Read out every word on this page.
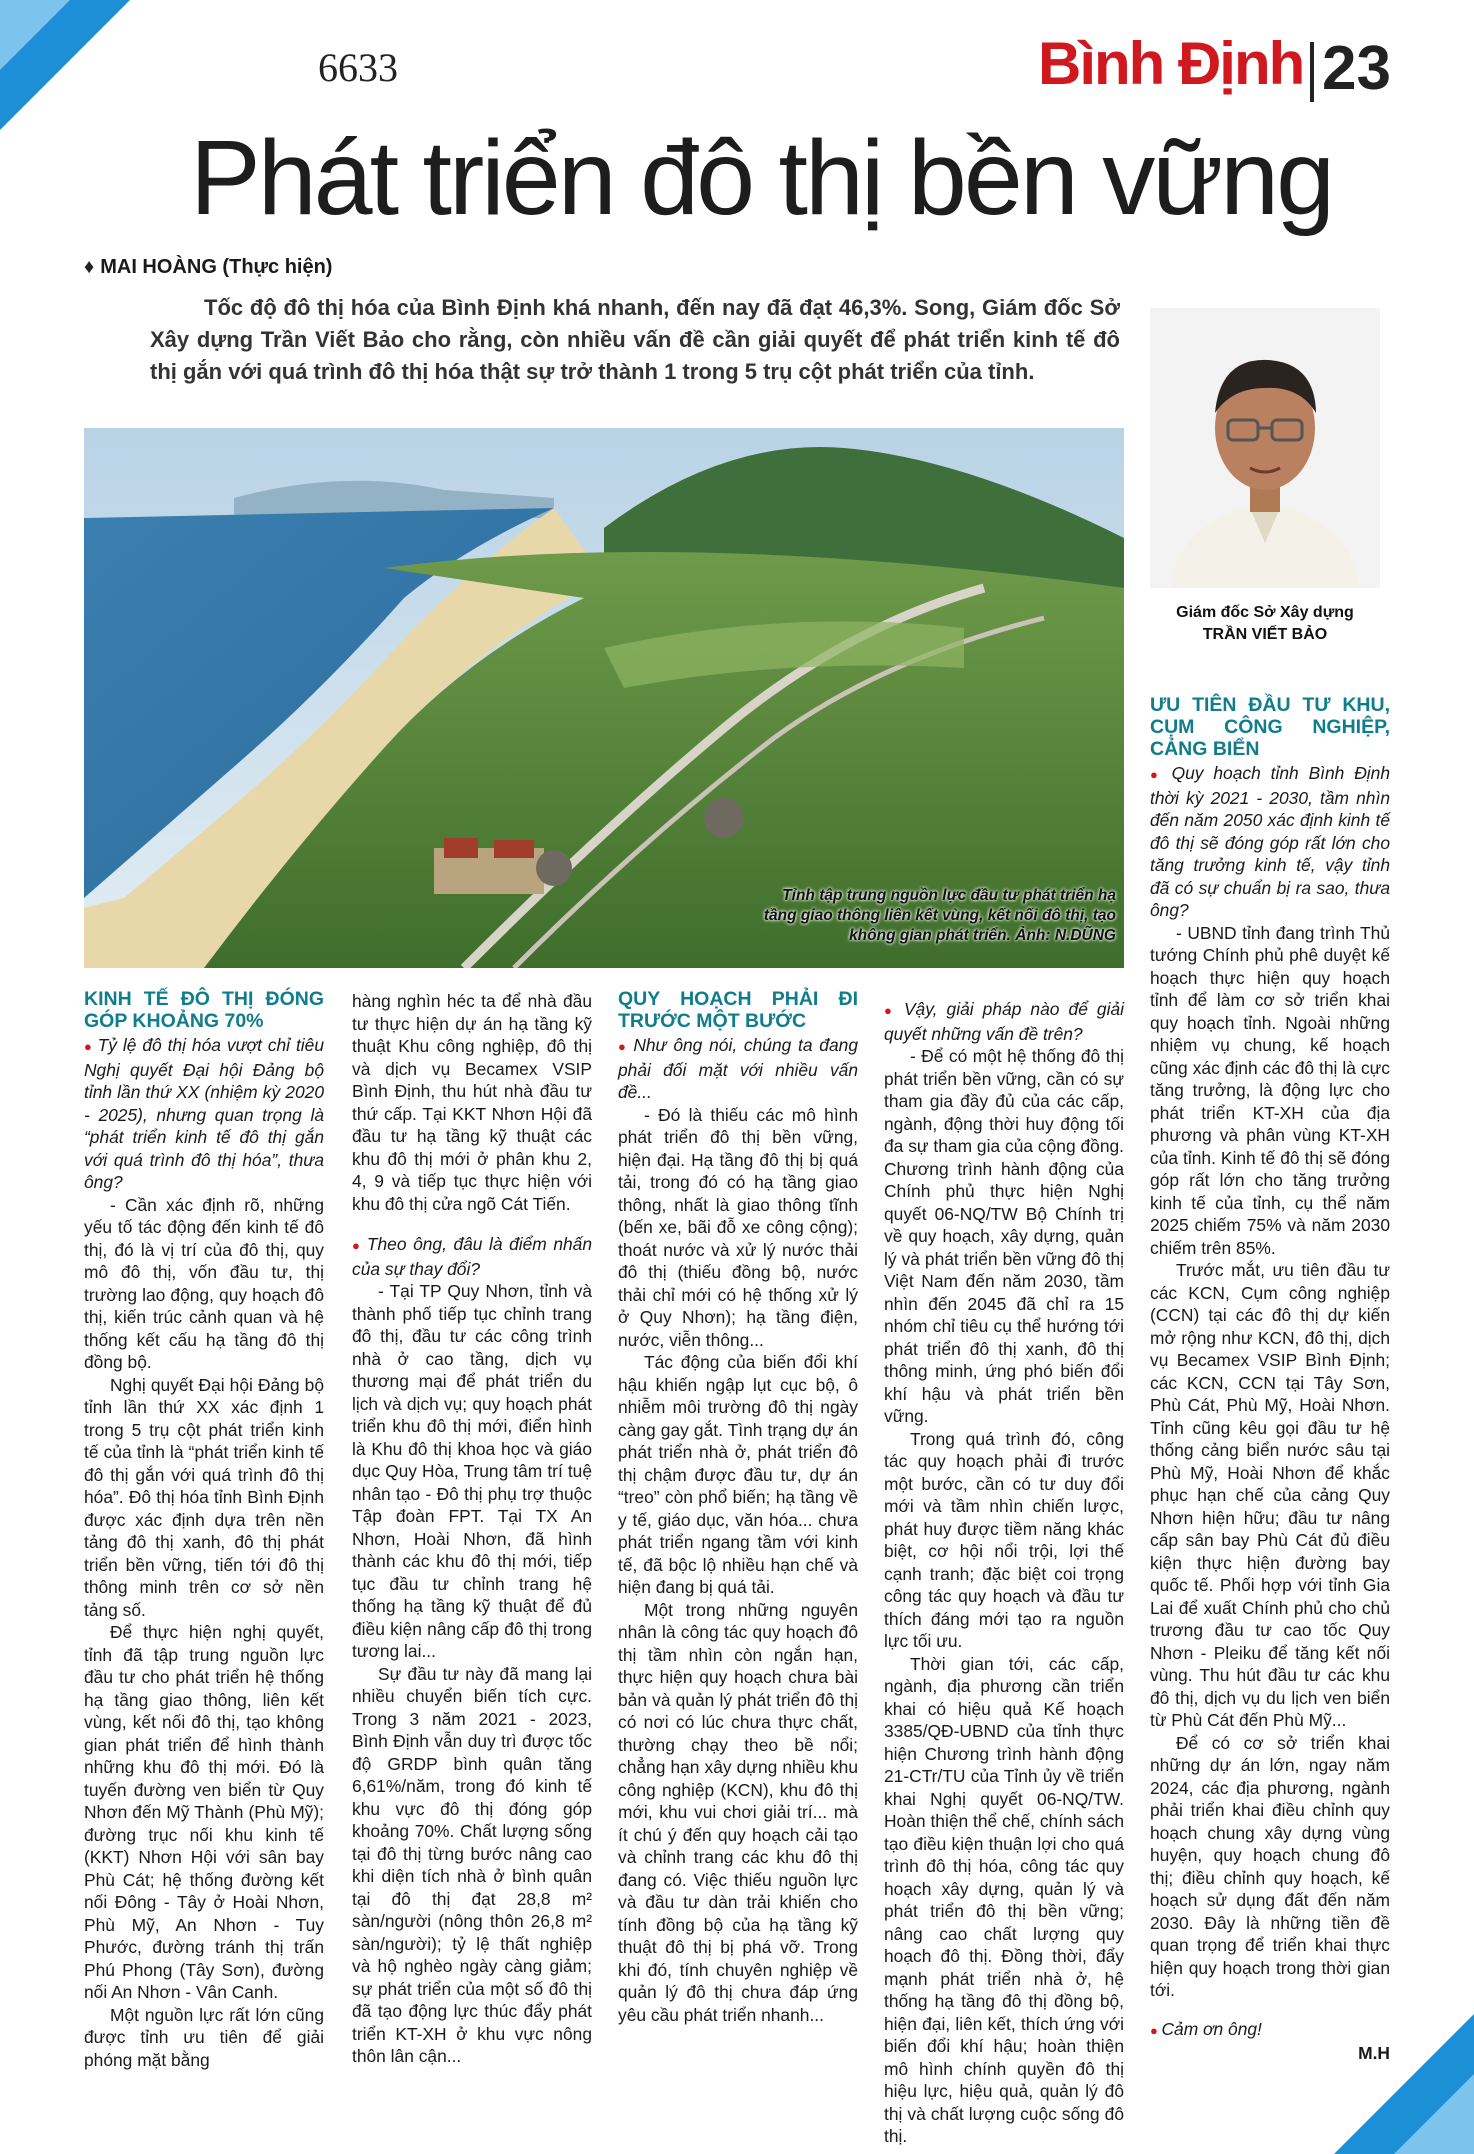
6633	Bình Định 23
Phát triển đô thị bền vững
♦ MAI HOÀNG (Thực hiện)
Tốc độ đô thị hóa của Bình Định khá nhanh, đến nay đã đạt 46,3%. Song, Giám đốc Sở Xây dựng Trần Viết Bảo cho rằng, còn nhiều vấn đề cần giải quyết để phát triển kinh tế đô thị gắn với quá trình đô thị hóa thật sự trở thành 1 trong 5 trụ cột phát triển của tỉnh.
Tỉnh tập trung nguồn lực đầu tư phát triển hạ tầng giao thông liên kết vùng, kết nối đô thị, tạo không gian phát triển. Ảnh: N.DŨNG
Giám đốc Sở Xây dựng
TRẦN VIẾT BẢO

KINH TẾ ĐÔ THỊ ĐÓNG GÓP KHOẢNG 70%

● Tỷ lệ đô thị hóa vượt chỉ tiêu Nghị quyết Đại hội Đảng bộ tỉnh lần thứ XX (nhiệm kỳ 2020 - 2025), nhưng quan trọng là “phát triển kinh tế đô thị gắn với quá trình đô thị hóa”, thưa ông?

- Cần xác định rõ, những yếu tố tác động đến kinh tế đô thị, đó là vị trí của đô thị, quy mô đô thị, vốn đầu tư, thị trường lao động, quy hoạch đô thị, kiến trúc cảnh quan và hệ thống kết cấu hạ tầng đô thị đồng bộ.

Nghị quyết Đại hội Đảng bộ tỉnh lần thứ XX xác định 1 trong 5 trụ cột phát triển kinh tế của tỉnh là “phát triển kinh tế đô thị gắn với quá trình đô thị hóa”. Đô thị hóa tỉnh Bình Định được xác định dựa trên nền tảng đô thị xanh, đô thị phát triển bền vững, tiến tới đô thị thông minh trên cơ sở nền tảng số.

Để thực hiện nghị quyết, tỉnh đã tập trung nguồn lực đầu tư cho phát triển hệ thống hạ tầng giao thông, liên kết vùng, kết nối đô thị, tạo không gian phát triển để hình thành những khu đô thị mới. Đó là tuyến đường ven biển từ Quy Nhơn đến Mỹ Thành (Phù Mỹ); đường trục nối khu kinh tế (KKT) Nhơn Hội với sân bay Phù Cát; hệ thống đường kết nối Đông - Tây ở Hoài Nhơn, Phù Mỹ, An Nhơn - Tuy Phước, đường tránh thị trấn Phú Phong (Tây Sơn), đường nối An Nhơn - Vân Canh.

Một nguồn lực rất lớn cũng được tỉnh ưu tiên để giải phóng mặt bằng

hàng nghìn héc ta để nhà đầu tư thực hiện dự án hạ tầng kỹ thuật Khu công nghiệp, đô thị và dịch vụ Becamex VSIP Bình Định, thu hút nhà đầu tư thứ cấp. Tại KKT Nhơn Hội đã đầu tư hạ tầng kỹ thuật các khu đô thị mới ở phân khu 2, 4, 9 và tiếp tục thực hiện với khu đô thị cửa ngõ Cát Tiến.

● Theo ông, đâu là điểm nhấn của sự thay đổi?

- Tại TP Quy Nhơn, tỉnh và thành phố tiếp tục chỉnh trang đô thị, đầu tư các công trình nhà ở cao tầng, dịch vụ thương mại để phát triển du lịch và dịch vụ; quy hoạch phát triển khu đô thị mới, điển hình là Khu đô thị khoa học và giáo dục Quy Hòa, Trung tâm trí tuệ nhân tạo - Đô thị phụ trợ thuộc Tập đoàn FPT. Tại TX An Nhơn, Hoài Nhơn, đã hình thành các khu đô thị mới, tiếp tục đầu tư chỉnh trang hệ thống hạ tầng kỹ thuật để đủ điều kiện nâng cấp đô thị trong tương lai...

Sự đầu tư này đã mang lại nhiều chuyển biến tích cực. Trong 3 năm 2021 - 2023, Bình Định vẫn duy trì được tốc độ GRDP bình quân tăng 6,61%/năm, trong đó kinh tế khu vực đô thị đóng góp khoảng 70%. Chất lượng sống tại đô thị từng bước nâng cao khi diện tích nhà ở bình quân tại đô thị đạt 28,8 m² sàn/người (nông thôn 26,8 m² sàn/người); tỷ lệ thất nghiệp và hộ nghèo ngày càng giảm; sự phát triển của một số đô thị đã tạo động lực thúc đẩy phát triển KT-XH ở khu vực nông thôn lân cận...

QUY HOẠCH PHẢI ĐI TRƯỚC MỘT BƯỚC

● Như ông nói, chúng ta đang phải đối mặt với nhiều vấn đề...

- Đó là thiếu các mô hình phát triển đô thị bền vững, hiện đại. Hạ tầng đô thị bị quá tải, trong đó có hạ tầng giao thông, nhất là giao thông tĩnh (bến xe, bãi đỗ xe công cộng); thoát nước và xử lý nước thải đô thị (thiếu đồng bộ, nước thải chỉ mới có hệ thống xử lý ở Quy Nhơn); hạ tầng điện, nước, viễn thông...

Tác động của biến đổi khí hậu khiến ngập lụt cục bộ, ô nhiễm môi trường đô thị ngày càng gay gắt. Tình trạng dự án phát triển nhà ở, phát triển đô thị chậm được đầu tư, dự án “treo” còn phổ biến; hạ tầng về y tế, giáo dục, văn hóa... chưa phát triển ngang tầm với kinh tế, đã bộc lộ nhiều hạn chế và hiện đang bị quá tải.

Một trong những nguyên nhân là công tác quy hoạch đô thị tầm nhìn còn ngắn hạn, thực hiện quy hoạch chưa bài bản và quản lý phát triển đô thị có nơi có lúc chưa thực chất, thường chạy theo bề nổi; chẳng hạn xây dựng nhiều khu công nghiệp (KCN), khu đô thị mới, khu vui chơi giải trí... mà ít chú ý đến quy hoạch cải tạo và chỉnh trang các khu đô thị đang có. Việc thiếu nguồn lực và đầu tư dàn trải khiến cho tính đồng bộ của hạ tầng kỹ thuật đô thị bị phá vỡ. Trong khi đó, tính chuyên nghiệp về quản lý đô thị chưa đáp ứng yêu cầu phát triển nhanh...

● Vậy, giải pháp nào để giải quyết những vấn đề trên?

- Để có một hệ thống đô thị phát triển bền vững, cần có sự tham gia đầy đủ của các cấp, ngành, động thời huy động tối đa sự tham gia của cộng đồng. Chương trình hành động của Chính phủ thực hiện Nghị quyết 06-NQ/TW Bộ Chính trị về quy hoạch, xây dựng, quản lý và phát triển bền vững đô thị Việt Nam đến năm 2030, tầm nhìn đến 2045 đã chỉ ra 15 nhóm chỉ tiêu cụ thể hướng tới phát triển đô thị xanh, đô thị thông minh, ứng phó biến đổi khí hậu và phát triển bền vững.

Trong quá trình đó, công tác quy hoạch phải đi trước một bước, cần có tư duy đổi mới và tầm nhìn chiến lược, phát huy được tiềm năng khác biệt, cơ hội nổi trội, lợi thế cạnh tranh; đặc biệt coi trọng công tác quy hoạch và đầu tư thích đáng mới tạo ra nguồn lực tối ưu.

Thời gian tới, các cấp, ngành, địa phương cần triển khai có hiệu quả Kế hoạch 3385/QĐ-UBND của tỉnh thực hiện Chương trình hành động 21-CTr/TU của Tỉnh ủy về triển khai Nghị quyết 06-NQ/TW. Hoàn thiện thể chế, chính sách tạo điều kiện thuận lợi cho quá trình đô thị hóa, công tác quy hoạch xây dựng, quản lý và phát triển đô thị bền vững; nâng cao chất lượng quy hoạch đô thị. Đồng thời, đẩy mạnh phát triển nhà ở, hệ thống hạ tầng đô thị đồng bộ, hiện đại, liên kết, thích ứng với biến đổi khí hậu; hoàn thiện mô hình chính quyền đô thị hiệu lực, hiệu quả, quản lý đô thị và chất lượng cuộc sống đô thị.

ƯU TIÊN ĐẦU TƯ KHU, CỤM CÔNG NGHIỆP, CẢNG BIỂN

● Quy hoạch tỉnh Bình Định thời kỳ 2021 - 2030, tầm nhìn đến năm 2050 xác định kinh tế đô thị sẽ đóng góp rất lớn cho tăng trưởng kinh tế, vậy tỉnh đã có sự chuẩn bị ra sao, thưa ông?

- UBND tỉnh đang trình Thủ tướng Chính phủ phê duyệt kế hoạch thực hiện quy hoạch tỉnh để làm cơ sở triển khai quy hoạch tỉnh. Ngoài những nhiệm vụ chung, kế hoạch cũng xác định các đô thị là cực tăng trưởng, là động lực cho phát triển KT-XH của địa phương và phân vùng KT-XH của tỉnh. Kinh tế đô thị sẽ đóng góp rất lớn cho tăng trưởng kinh tế của tỉnh, cụ thể năm 2025 chiếm 75% và năm 2030 chiếm trên 85%.

Trước mắt, ưu tiên đầu tư các KCN, Cụm công nghiệp (CCN) tại các đô thị dự kiến mở rộng như KCN, đô thị, dịch vụ Becamex VSIP Bình Định; các KCN, CCN tại Tây Sơn, Phù Cát, Phù Mỹ, Hoài Nhơn. Tỉnh cũng kêu gọi đầu tư hệ thống cảng biển nước sâu tại Phù Mỹ, Hoài Nhơn để khắc phục hạn chế của cảng Quy Nhơn hiện hữu; đầu tư nâng cấp sân bay Phù Cát đủ điều kiện thực hiện đường bay quốc tế. Phối hợp với tỉnh Gia Lai để xuất Chính phủ cho chủ trương đầu tư cao tốc Quy Nhơn - Pleiku để tăng kết nối vùng. Thu hút đầu tư các khu đô thị, dịch vụ du lịch ven biển từ Phù Cát đến Phù Mỹ...

Để có cơ sở triển khai những dự án lớn, ngay năm 2024, các địa phương, ngành phải triển khai điều chỉnh quy hoạch chung xây dựng vùng huyện, quy hoạch chung đô thị; điều chỉnh quy hoạch, kế hoạch sử dụng đất đến năm 2030. Đây là những tiền đề quan trọng để triển khai thực hiện quy hoạch trong thời gian tới.

● Cảm ơn ông!

M.H
